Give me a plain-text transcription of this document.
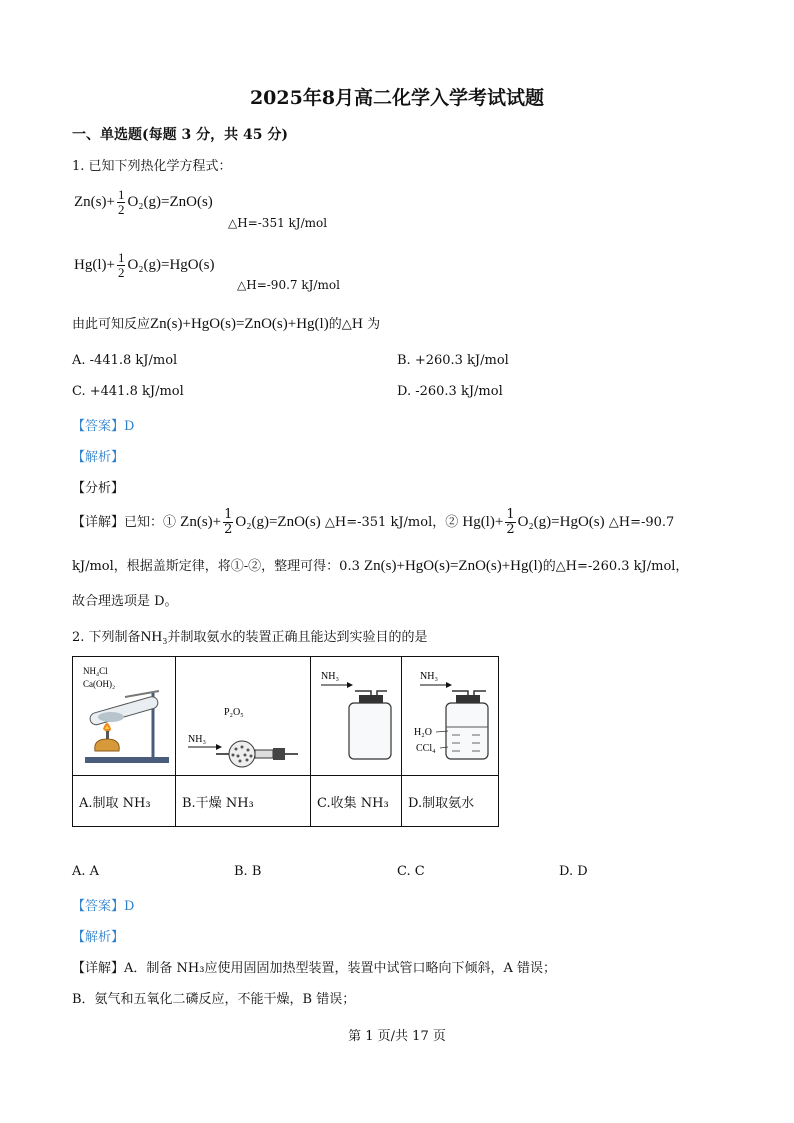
2025年8月高二化学入学考试试题
一、单选题(每题 3 分，共 45 分)
1. 已知下列热化学方程式：
$Zn(s)+ \frac{1}{2} O_2(g)=ZnO(s)$
△H=-351 kJ/mol
$Hg(l)+ \frac{1}{2} O_2(g)=HgO(s)$
△H=-90.7 kJ/mol
由此可知反应Zn(s)+HgO(s)=ZnO(s)+Hg(l)的△H 为
A. -441.8 kJ/mol	B. +260.3 kJ/mol
C. +441.8 kJ/mol	D. -260.3 kJ/mol
【答案】D
【解析】
【分析】
【详解】已知：① $Zn(s)+ \frac{1}{2} O_2(g)=ZnO(s)$ △H=-351 kJ/mol，② $Hg(l)+ \frac{1}{2} O_2(g)=HgO(s)$ △H=-90.7
kJ/mol，根据盖斯定律，将①-②，整理可得：0.3 Zn(s)+HgO(s)=ZnO(s)+Hg(l)的△H=-260.3 kJ/mol，
故合理选项是 D。
2. 下列制备NH₃并制取氨水的装置正确且能达到实验目的的是
NH₄Cl
Ca(OH)₂	P₂O₅
NH₃	NH₃	NH₃
H₂O
CCl₄

A.制取 NH₃	B.干燥 NH₃	C.收集 NH₃	D.制取氨水
A. A	B. B	C. C	D. D
【答案】D
【解析】
【详解】A．制备 NH₃应使用固固加热型装置，装置中试管口略向下倾斜，A 错误；
B．氨气和五氧化二磷反应，不能干燥，B 错误；
第 1 页/共 17 页
